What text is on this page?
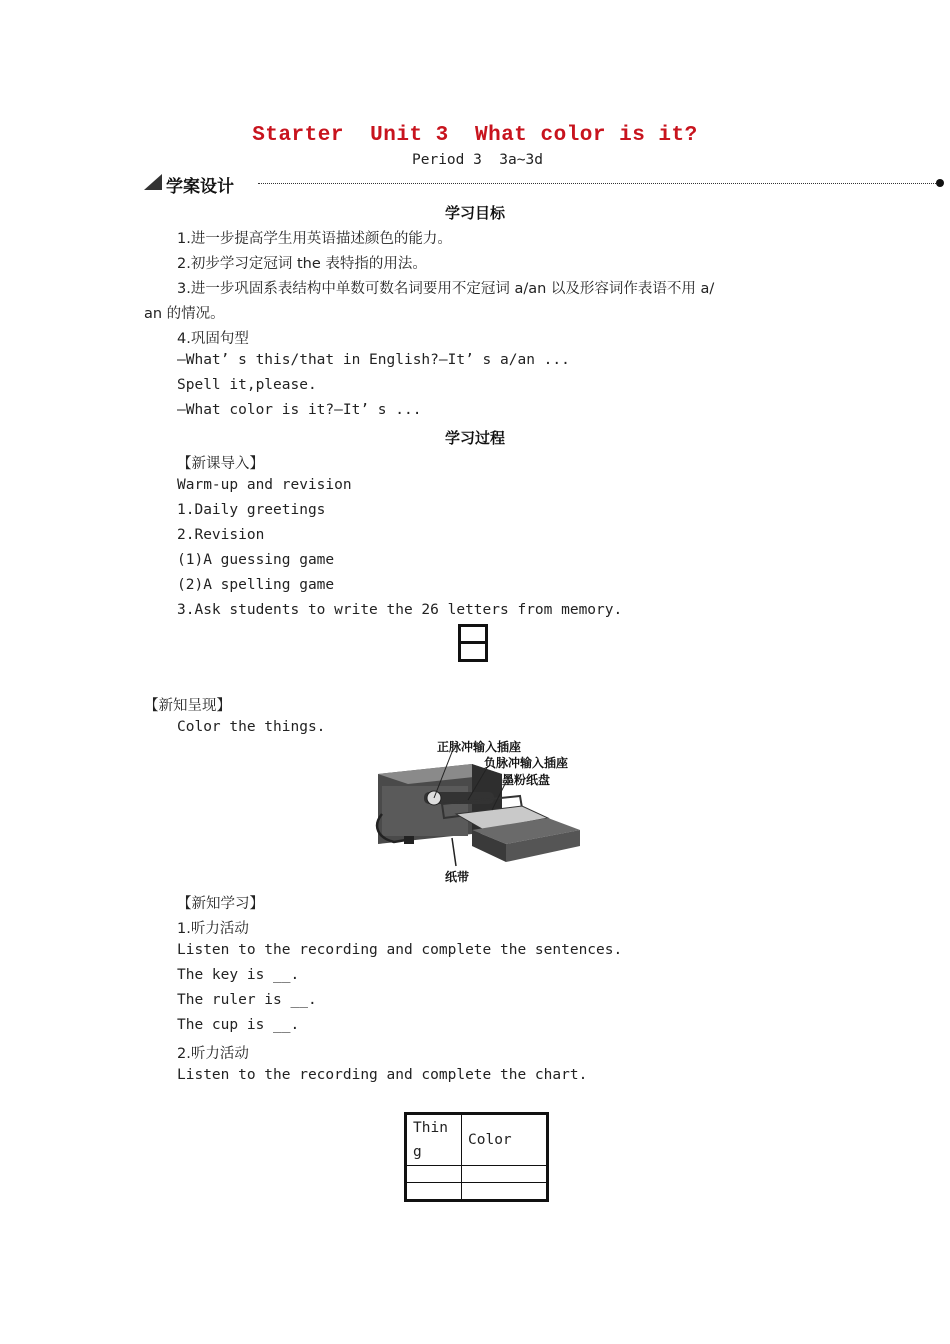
Starter  Unit 3  What color is it?
Period 3  3a~3d
学案设计
学习目标
1.进一步提高学生用英语描述颜色的能力。
2.初步学习定冠词 the 表特指的用法。
3.进一步巩固系表结构中单数可数名词要用不定冠词 a/an 以及形容词作表语不用 a/
an 的情况。
4.巩固句型
—What’ s this/that in English?—It’ s a/an ...
Spell it,please.
—What color is it?—It’ s ...
学习过程
【新课导入】
Warm-up and revision
1.Daily greetings
2.Revision
(1)A guessing game
(2)A spelling game
3.Ask students to write the 26 letters from memory.
【新知呈现】
Color the things.
正脉冲输入插座
负脉冲输入插座
墨粉纸盘
纸带
【新知学习】
1.听力活动
Listen to the recording and complete the sentences.
The key is __.
The ruler is __.
The cup is __.
2.听力活动
Listen to the recording and complete the chart.
Thin
g	Color
